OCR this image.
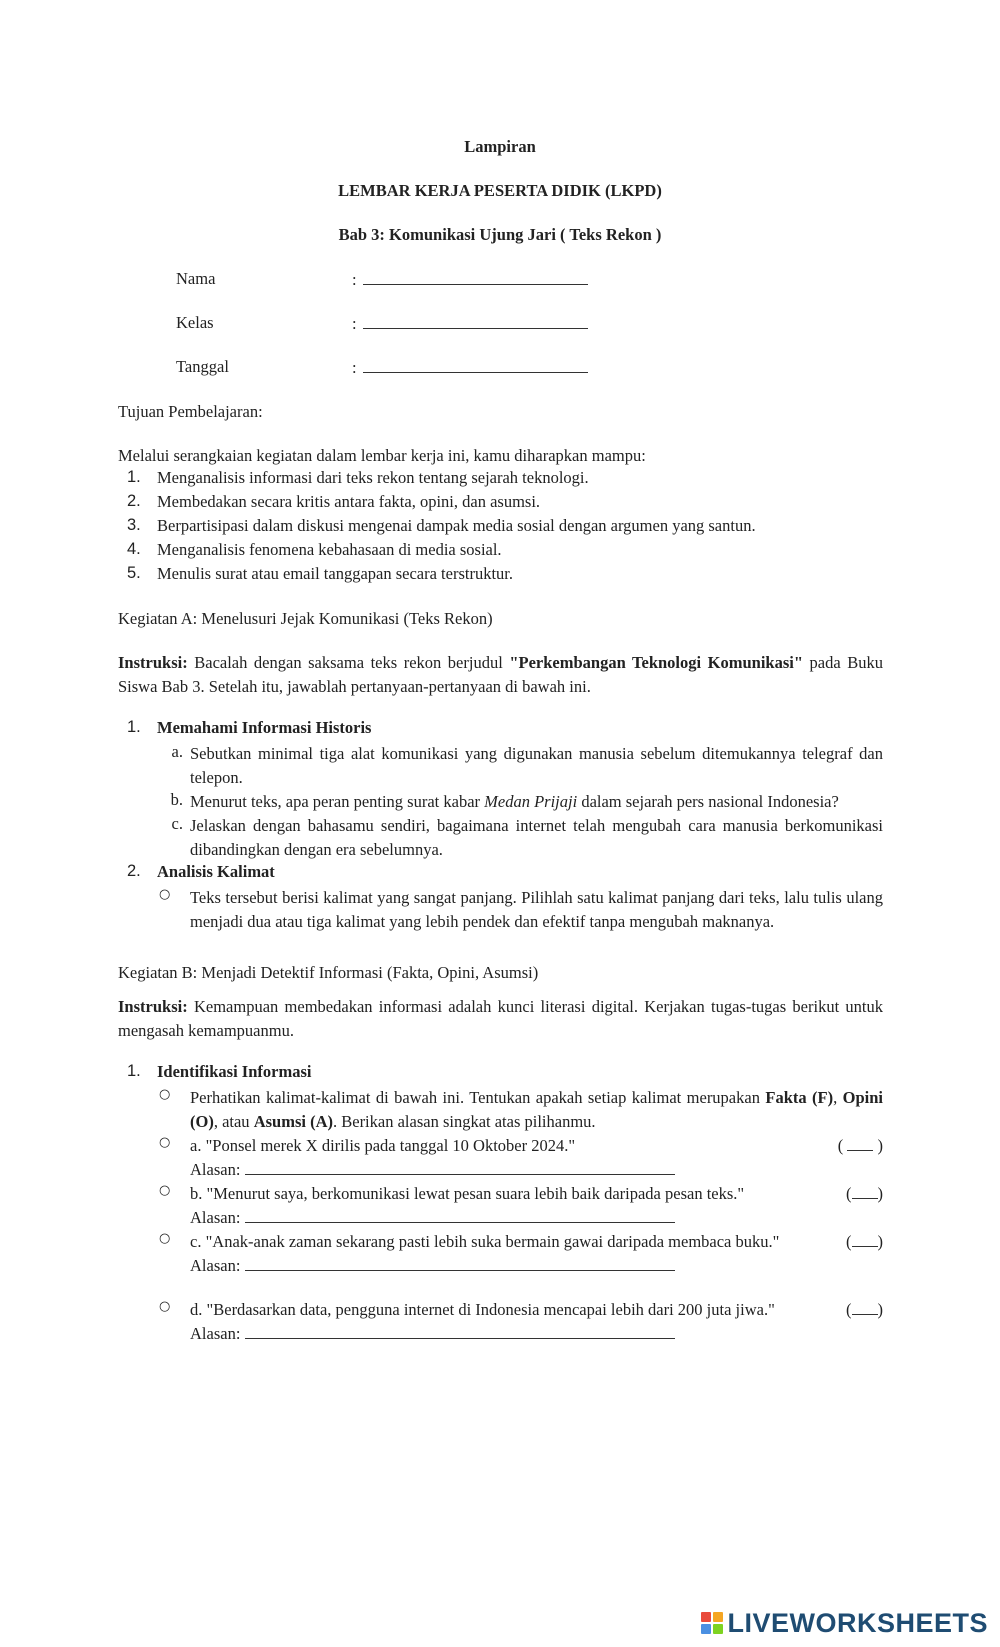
Lampiran
LEMBAR KERJA PESERTA DIDIK (LKPD)
Bab 3: Komunikasi Ujung Jari ( Teks Rekon )
Nama	:
Kelas	:
Tanggal	:
Tujuan Pembelajaran:
Melalui serangkaian kegiatan dalam lembar kerja ini, kamu diharapkan mampu:
1. Menganalisis informasi dari teks rekon tentang sejarah teknologi.
2. Membedakan secara kritis antara fakta, opini, dan asumsi.
3. Berpartisipasi dalam diskusi mengenai dampak media sosial dengan argumen yang santun.
4. Menganalisis fenomena kebahasaan di media sosial.
5. Menulis surat atau email tanggapan secara terstruktur.
Kegiatan A: Menelusuri Jejak Komunikasi (Teks Rekon)
Instruksi: Bacalah dengan saksama teks rekon berjudul "Perkembangan Teknologi Komunikasi" pada Buku Siswa Bab 3. Setelah itu, jawablah pertanyaan-pertanyaan di bawah ini.
1. Memahami Informasi Historis
a. Sebutkan minimal tiga alat komunikasi yang digunakan manusia sebelum ditemukannya telegraf dan telepon.
b. Menurut teks, apa peran penting surat kabar Medan Prijaji dalam sejarah pers nasional Indonesia?
c. Jelaskan dengan bahasamu sendiri, bagaimana internet telah mengubah cara manusia berkomunikasi dibandingkan dengan era sebelumnya.
2. Analisis Kalimat
○ Teks tersebut berisi kalimat yang sangat panjang. Pilihlah satu kalimat panjang dari teks, lalu tulis ulang menjadi dua atau tiga kalimat yang lebih pendek dan efektif tanpa mengubah maknanya.
Kegiatan B: Menjadi Detektif Informasi (Fakta, Opini, Asumsi)
Instruksi: Kemampuan membedakan informasi adalah kunci literasi digital. Kerjakan tugas-tugas berikut untuk mengasah kemampuanmu.
1. Identifikasi Informasi
○ Perhatikan kalimat-kalimat di bawah ini. Tentukan apakah setiap kalimat merupakan Fakta (F), Opini (O), atau Asumsi (A). Berikan alasan singkat atas pilihanmu.
○ a. "Ponsel merek X dirilis pada tanggal 10 Oktober 2024."	( )
Alasan:
○ b. "Menurut saya, berkomunikasi lewat pesan suara lebih baik daripada pesan teks."	( )
Alasan:
○ c. "Anak-anak zaman sekarang pasti lebih suka bermain gawai daripada membaca buku."	( )
Alasan:
○ d. "Berdasarkan data, pengguna internet di Indonesia mencapai lebih dari 200 juta jiwa."	( )
Alasan:
LIVEWORKSHEETS
